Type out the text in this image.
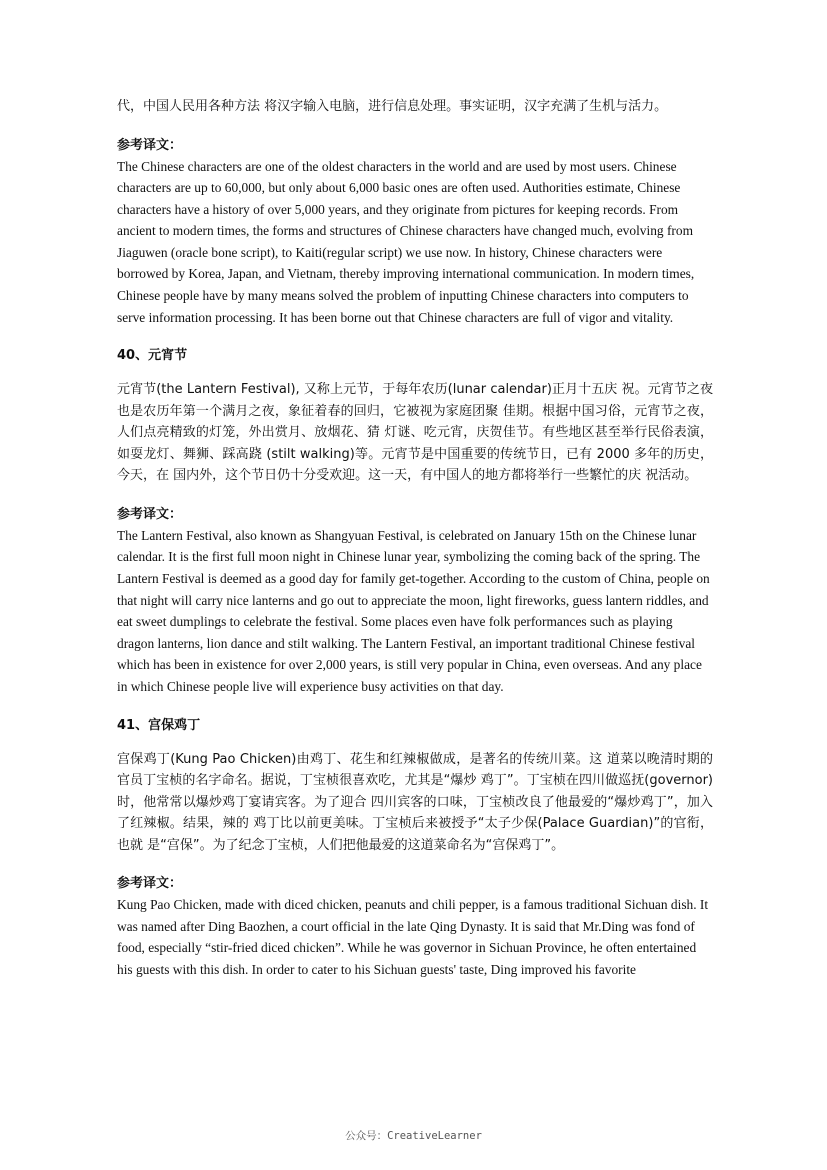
代，中国人民用各种方法 将汉字输入电脑，进行信息处理。事实证明，汉字充满了生机与活力。

参考译文：

The Chinese characters are one of the oldest characters in the world and are used by most users. Chinese characters are up to 60,000, but only about 6,000 basic ones are often used. Authorities estimate, Chinese characters have a history of over 5,000 years, and they originate from pictures for keeping records. From ancient to modern times, the forms and structures of Chinese characters have changed much, evolving from Jiaguwen (oracle bone script), to Kaiti(regular script) we use now. In history, Chinese characters were borrowed by Korea, Japan, and Vietnam, thereby improving international communication. In modern times, Chinese people have by many means solved the problem of inputting Chinese characters into computers to serve information processing. It has been borne out that Chinese characters are full of vigor and vitality.

40、元宵节

元宵节(the Lantern Festival), 又称上元节，于每年农历(lunar calendar)正月十五庆 祝。元宵节之夜也是农历年第一个满月之夜，象征着春的回归，它被视为家庭团聚 佳期。根据中国习俗，元宵节之夜，人们点亮精致的灯笼，外出赏月、放烟花、猜 灯谜、吃元宵，庆贺佳节。有些地区甚至举行民俗表演，如耍龙灯、舞狮、踩高跷 (stilt walking)等。元宵节是中国重要的传统节日，已有 2000 多年的历史，今天，在 国内外，这个节日仍十分受欢迎。这一天，有中国人的地方都将举行一些繁忙的庆 祝活动。

参考译文：

The Lantern Festival, also known as Shangyuan Festival, is celebrated on January 15th on the Chinese lunar calendar. It is the first full moon night in Chinese lunar year, symbolizing the coming back of the spring. The Lantern Festival is deemed as a good day for family get-together. According to the custom of China, people on that night will carry nice lanterns and go out to appreciate the moon, light fireworks, guess lantern riddles, and eat sweet dumplings to celebrate the festival. Some places even have folk performances such as playing dragon lanterns, lion dance and stilt walking. The Lantern Festival, an important traditional Chinese festival which has been in existence for over 2,000 years, is still very popular in China, even overseas. And any place in which Chinese people live will experience busy activities on that day.

41、宫保鸡丁

宫保鸡丁(Kung Pao Chicken)由鸡丁、花生和红辣椒做成，是著名的传统川菜。这 道菜以晚清时期的官员丁宝桢的名字命名。据说，丁宝桢很喜欢吃，尤其是“爆炒 鸡丁”。丁宝桢在四川做巡抚(governor)时，他常常以爆炒鸡丁宴请宾客。为了迎合 四川宾客的口味，丁宝桢改良了他最爱的“爆炒鸡丁”，加入了红辣椒。结果，辣的 鸡丁比以前更美味。丁宝桢后来被授予“太子少保(Palace Guardian)”的官衔，也就 是“宫保”。为了纪念丁宝桢，人们把他最爱的这道菜命名为“宫保鸡丁”。

参考译文：

Kung Pao Chicken, made with diced chicken, peanuts and chili pepper, is a famous traditional Sichuan dish. It was named after Ding Baozhen, a court official in the late Qing Dynasty. It is said that Mr.Ding was fond of food, especially “stir-fried diced chicken”. While he was governor in Sichuan Province, he often entertained his guests with this dish. In order to cater to his Sichuan guests' taste, Ding improved his favorite

公众号：CreativeLearner
